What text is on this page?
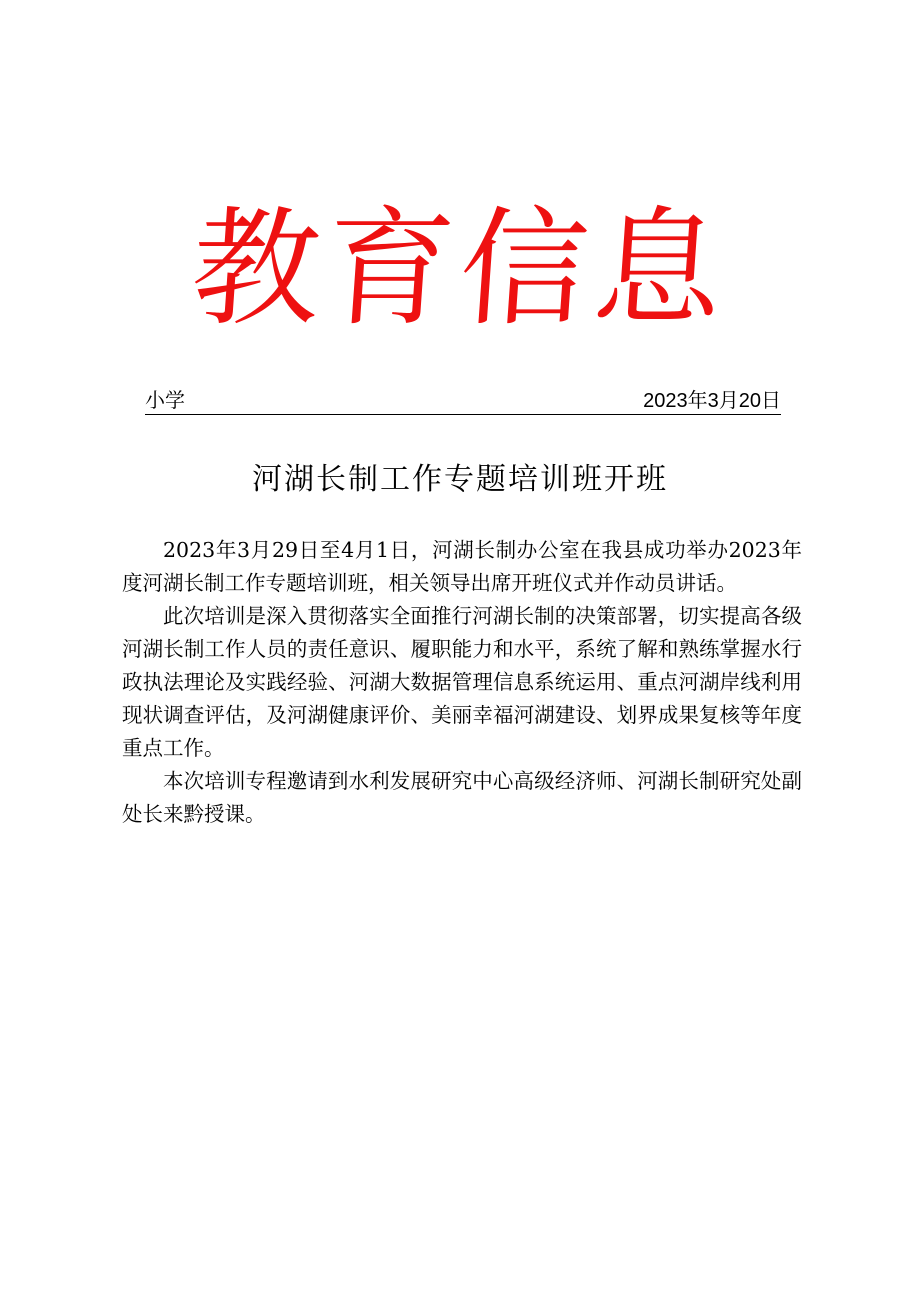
教育信息
小学	2023年3月20日
河湖长制工作专题培训班开班

2023年3月29日至4月1日，河湖长制办公室在我县成功举办2023年度河湖长制工作专题培训班，相关领导出席开班仪式并作动员讲话。

此次培训是深入贯彻落实全面推行河湖长制的决策部署，切实提高各级河湖长制工作人员的责任意识、履职能力和水平，系统了解和熟练掌握水行政执法理论及实践经验、河湖大数据管理信息系统运用、重点河湖岸线利用现状调查评估，及河湖健康评价、美丽幸福河湖建设、划界成果复核等年度重点工作。

本次培训专程邀请到水利发展研究中心高级经济师、河湖长制研究处副处长来黔授课。
